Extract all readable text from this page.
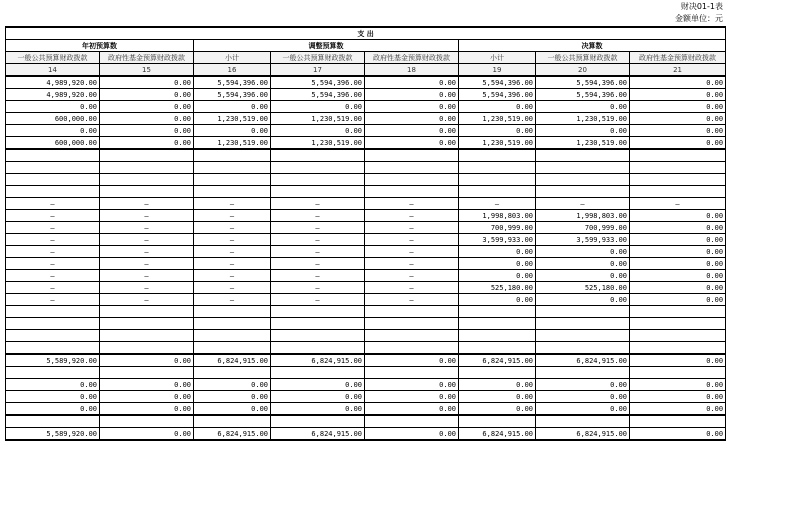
财决01-1表
金额单位：元
支 出							
年初预算数		调整预算数			决算数		
一般公共预算财政拨款	政府性基金预算财政拨款	小计	一般公共预算财政拨款	政府性基金预算财政拨款	小计	一般公共预算财政拨款	政府性基金预算财政拨款
14	15	16	17	18	19	20	21
4,989,920.00	0.00	5,594,396.00	5,594,396.00	0.00	5,594,396.00	5,594,396.00	0.00
4,989,920.00	0.00	5,594,396.00	5,594,396.00	0.00	5,594,396.00	5,594,396.00	0.00
0.00	0.00	0.00	0.00	0.00	0.00	0.00	0.00
600,000.00	0.00	1,230,519.00	1,230,519.00	0.00	1,230,519.00	1,230,519.00	0.00
0.00	0.00	0.00	0.00	0.00	0.00	0.00	0.00
600,000.00	0.00	1,230,519.00	1,230,519.00	0.00	1,230,519.00	1,230,519.00	0.00

—	—	—	—	—	—	—	—
—	—	—	—	—	1,998,803.00	1,998,803.00	0.00
—	—	—	—	—	700,999.00	700,999.00	0.00
—	—	—	—	—	3,599,933.00	3,599,933.00	0.00
—	—	—	—	—	0.00	0.00	0.00
—	—	—	—	—	0.00	0.00	0.00
—	—	—	—	—	0.00	0.00	0.00
—	—	—	—	—	525,180.00	525,180.00	0.00
—	—	—	—	—	0.00	0.00	0.00

5,589,920.00	0.00	6,824,915.00	6,824,915.00	0.00	6,824,915.00	6,824,915.00	0.00

0.00	0.00	0.00	0.00	0.00	0.00	0.00	0.00
0.00	0.00	0.00	0.00	0.00	0.00	0.00	0.00
0.00	0.00	0.00	0.00	0.00	0.00	0.00	0.00

5,589,920.00	0.00	6,824,915.00	6,824,915.00	0.00	6,824,915.00	6,824,915.00	0.00
